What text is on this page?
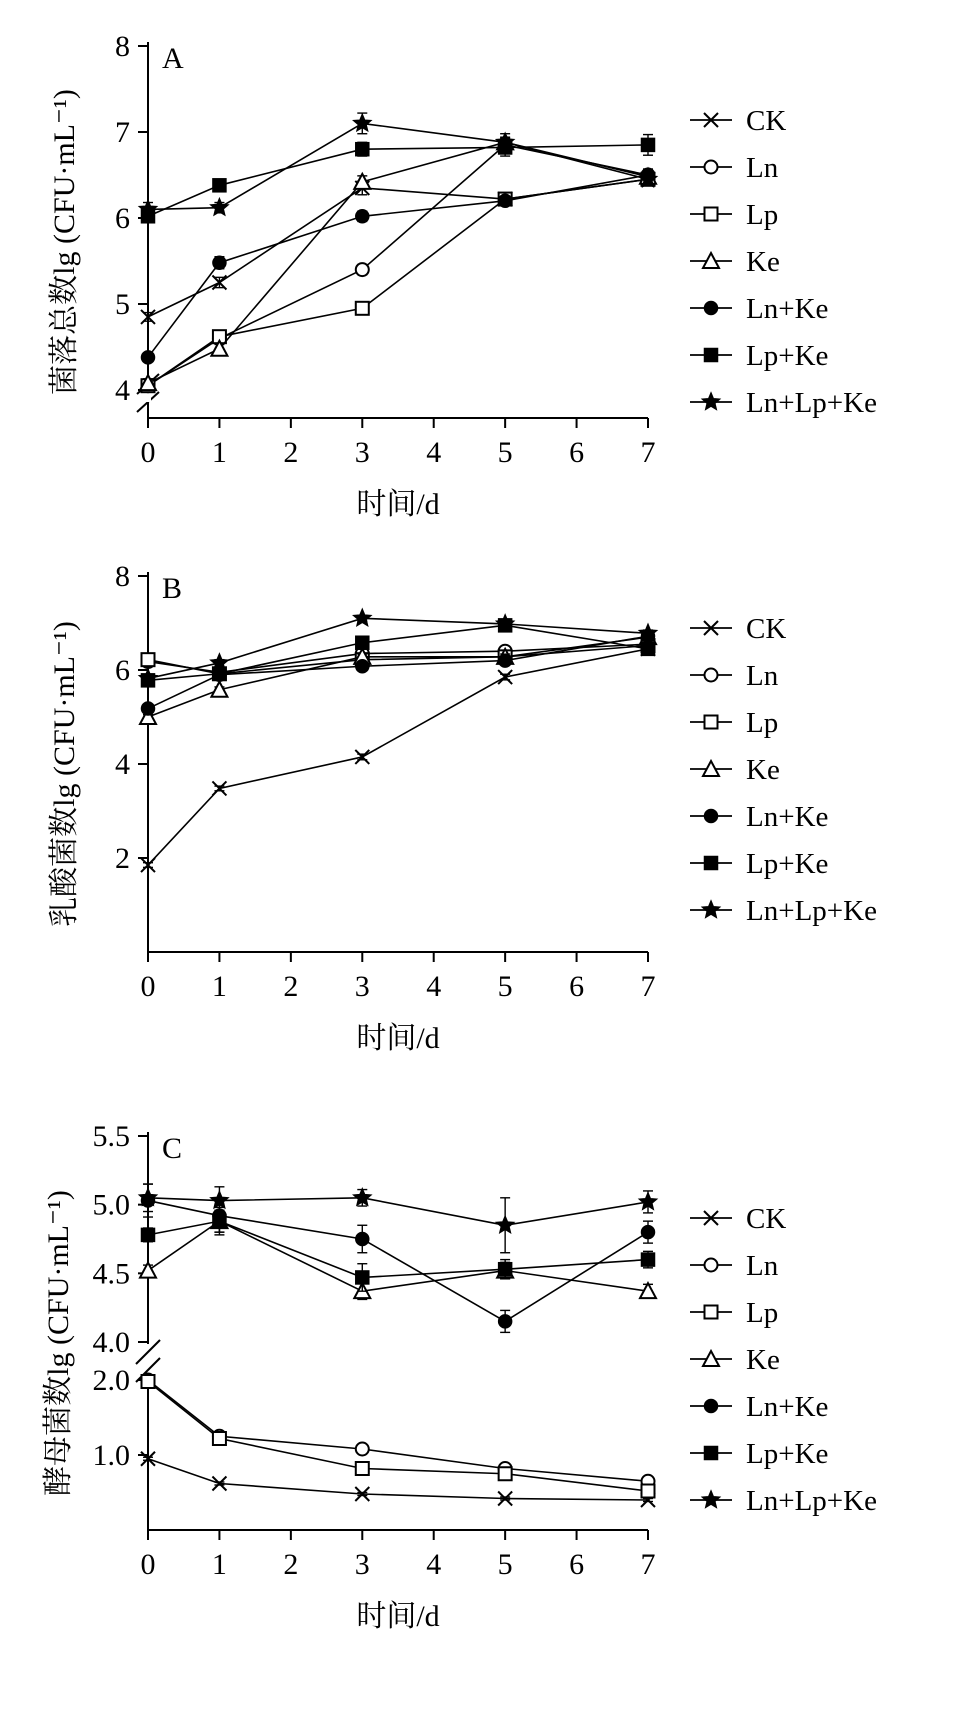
4
5
6
7
8
0 1 2 3 4 5 6 7
时间/d
菌落总数lg (CFU·mL⁻¹)
A
CK
Ln
Lp
Ke
Ln+Ke
Lp+Ke
Ln+Lp+Ke
2
4
6
8
0 1 2 3 4 5 6 7
时间/d
乳酸菌数lg (CFU·mL⁻¹)
B
CK
Ln
Lp
Ke
Ln+Ke
Lp+Ke
Ln+Lp+Ke
5.5
5.0
4.5
4.0
2.0
1.0
0 1 2 3 4 5 6 7
时间/d
酵母菌数lg (CFU·mL⁻¹)
C
CK
Ln
Lp
Ke
Ln+Ke
Lp+Ke
Ln+Lp+Ke
